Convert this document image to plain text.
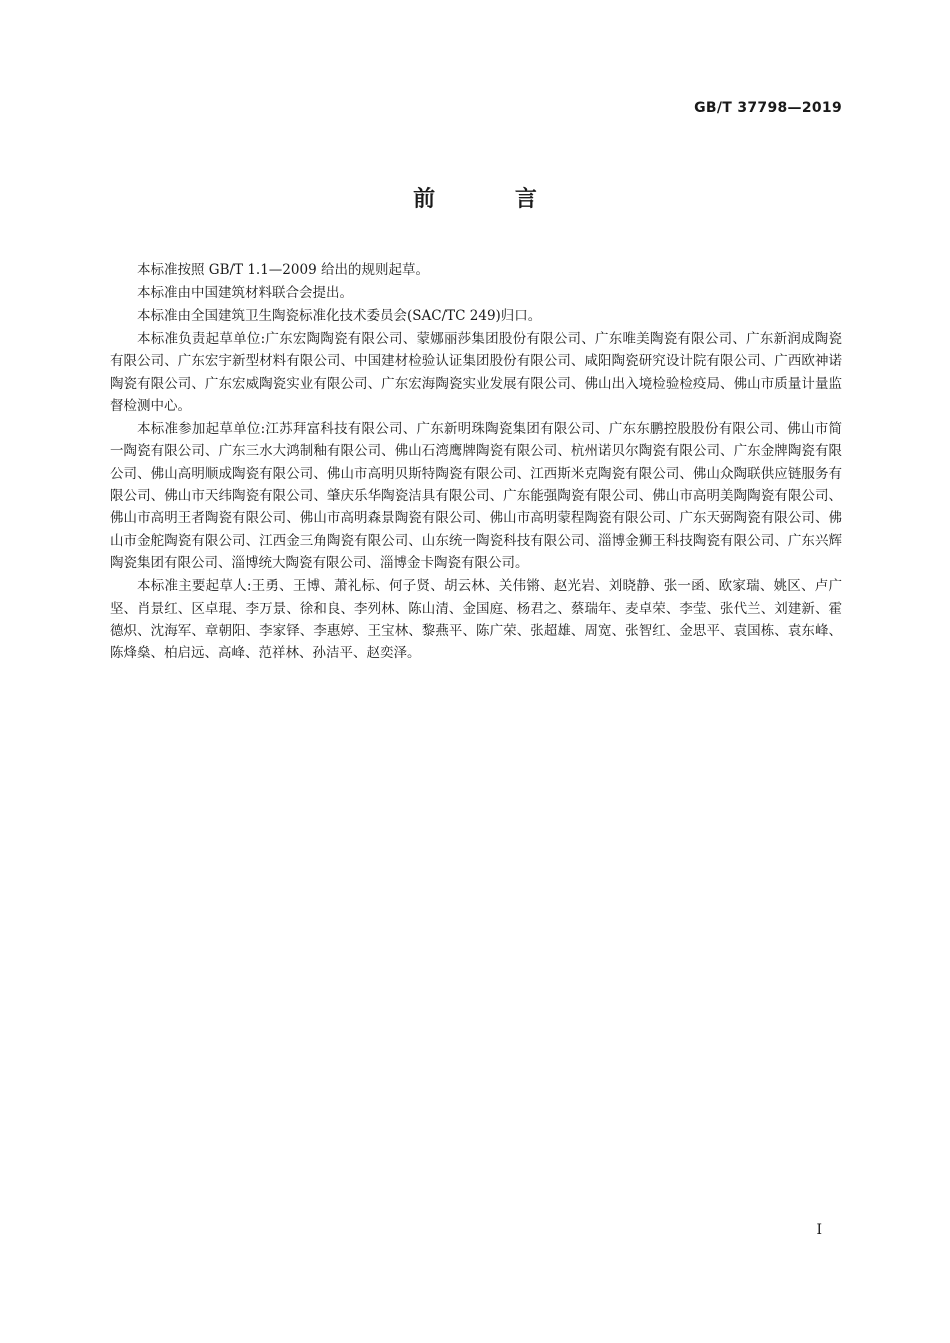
GB/T 37798—2019
前 言

本标准按照 GB/T 1.1—2009 给出的规则起草。

本标准由中国建筑材料联合会提出。

本标准由全国建筑卫生陶瓷标准化技术委员会(SAC/TC 249)归口。

本标准负责起草单位:广东宏陶陶瓷有限公司、蒙娜丽莎集团股份有限公司、广东唯美陶瓷有限公司、广东新润成陶瓷有限公司、广东宏宇新型材料有限公司、中国建材检验认证集团股份有限公司、咸阳陶瓷研究设计院有限公司、广西欧神诺陶瓷有限公司、广东宏威陶瓷实业有限公司、广东宏海陶瓷实业发展有限公司、佛山出入境检验检疫局、佛山市质量计量监督检测中心。

本标准参加起草单位:江苏拜富科技有限公司、广东新明珠陶瓷集团有限公司、广东东鹏控股股份有限公司、佛山市简一陶瓷有限公司、广东三水大鸿制釉有限公司、佛山石湾鹰牌陶瓷有限公司、杭州诺贝尔陶瓷有限公司、广东金牌陶瓷有限公司、佛山高明顺成陶瓷有限公司、佛山市高明贝斯特陶瓷有限公司、江西斯米克陶瓷有限公司、佛山众陶联供应链服务有限公司、佛山市天纬陶瓷有限公司、肇庆乐华陶瓷洁具有限公司、广东能强陶瓷有限公司、佛山市高明美陶陶瓷有限公司、佛山市高明王者陶瓷有限公司、佛山市高明森景陶瓷有限公司、佛山市高明蒙程陶瓷有限公司、广东天弼陶瓷有限公司、佛山市金舵陶瓷有限公司、江西金三角陶瓷有限公司、山东统一陶瓷科技有限公司、淄博金狮王科技陶瓷有限公司、广东兴辉陶瓷集团有限公司、淄博统大陶瓷有限公司、淄博金卡陶瓷有限公司。

本标准主要起草人:王勇、王博、萧礼标、何子贤、胡云林、关伟锵、赵光岩、刘晓静、张一函、欧家瑞、姚区、卢广坚、肖景红、区卓琨、李万景、徐和良、李列林、陈山清、金国庭、杨君之、蔡瑞年、麦卓荣、李莹、张代兰、刘建新、霍德炽、沈海军、章朝阳、李家铎、李惠婷、王宝林、黎燕平、陈广荣、张超雄、周宽、张智红、金思平、袁国栋、袁东峰、陈烽燊、柏启远、高峰、范祥林、孙洁平、赵奕泽。

I
